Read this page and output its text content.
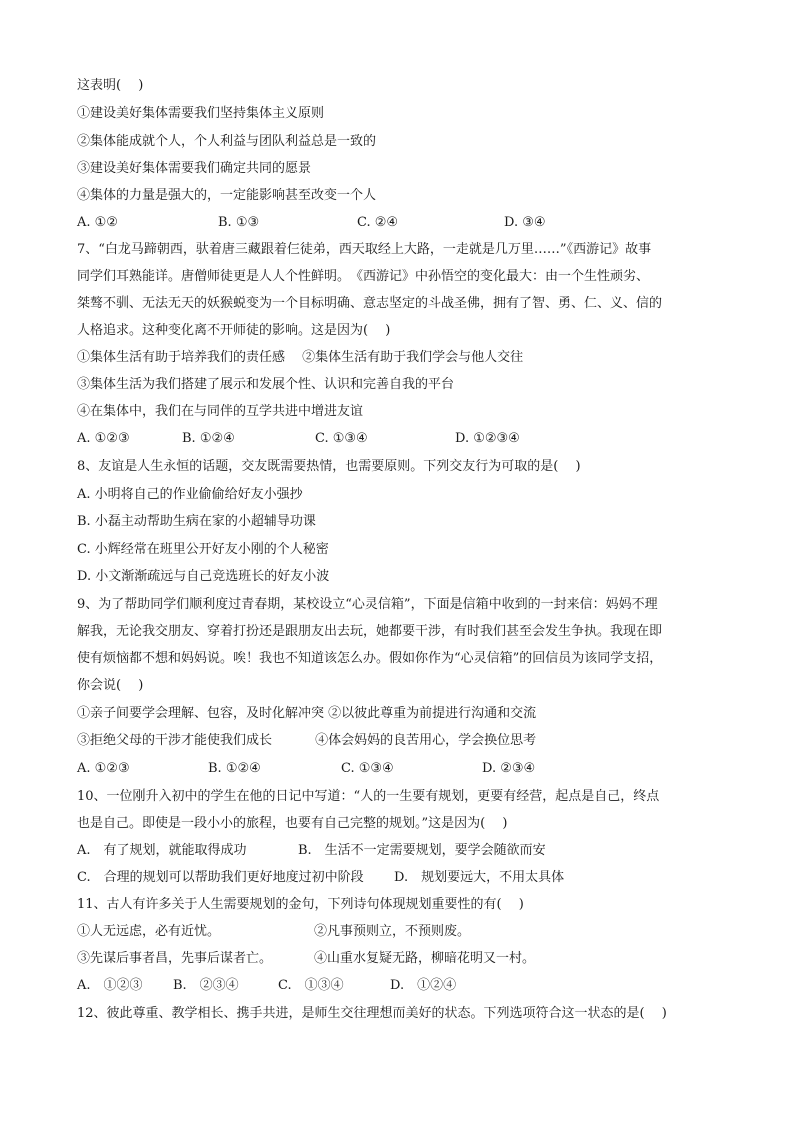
这表明(　 )
①建设美好集体需要我们坚持集体主义原则
②集体能成就个人，个人利益与团队利益总是一致的
③建设美好集体需要我们确定共同的愿景
④集体的力量是强大的，一定能影响甚至改变一个人
A. ①②	B. ①③	C. ②④	D. ③④
7、“白龙马蹄朝西，驮着唐三藏跟着仨徒弟，西天取经上大路，一走就是几万里……”《西游记》故事
同学们耳熟能详。唐僧师徒更是人人个性鲜明。　《西游记》中孙悟空的变化最大：由一个生性顽劣、
桀骜不驯、无法无天的妖猴蜕变为一个目标明确、意志坚定的斗战圣佛，拥有了智、勇、仁、义、信的
人格追求。这种变化离不开师徒的影响。这是因为(　 )
①集体生活有助于培养我们的责任感　 ②集体生活有助于我们学会与他人交往
③集体生活为我们搭建了展示和发展个性、认识和完善自我的平台
④在集体中，我们在与同伴的互学共进中增进友谊
A. ①②③	B. ①②④	C. ①③④	D. ①②③④
8、友谊是人生永恒的话题，交友既需要热情，也需要原则。下列交友行为可取的是(　 )
A. 小明将自己的作业偷偷给好友小强抄
B. 小磊主动帮助生病在家的小超辅导功课
C. 小辉经常在班里公开好友小刚的个人秘密
D. 小文渐渐疏远与自己竞选班长的好友小波
9、为了帮助同学们顺利度过青春期，某校设立“心灵信箱”，下面是信箱中收到的一封来信：妈妈不理
解我，无论我交朋友、穿着打扮还是跟朋友出去玩，她都要干涉，有时我们甚至会发生争执。我现在即
使有烦恼都不想和妈妈说。唉！我也不知道该怎么办。假如你作为“心灵信箱”的回信员为该同学支招，
你会说(　 )
①亲子间要学会理解、包容，及时化解冲突 ②以彼此尊重为前提进行沟通和交流
③拒绝父母的干涉才能使我们成长　　　 ④体会妈妈的良苦用心，学会换位思考
A. ①②③	B. ①②④	C. ①③④	D. ②③④
10、一位刚升入初中的学生在他的日记中写道：“人的一生要有规划，更要有经营，起点是自己，终点
也是自己。即使是一段小小的旅程，也要有自己完整的规划。”这是因为(　 )
A.　有了规划，就能取得成功	B.　生活不一定需要规划，要学会随欲而安
C.　合理的规划可以帮助我们更好地度过初中阶段 D.　规划要远大，不用太具体
11、古人有许多关于人生需要规划的金句，下列诗句体现规划重要性的有(　 )
①人无远虑，必有近忧。	②凡事预则立，不预则废。
③先谋后事者昌，先事后谋者亡。	④山重水复疑无路，柳暗花明又一村。
A.　①②③ B.　②③④	C.　①③④	D.　①②④
12、彼此尊重、教学相长、携手共进，是师生交往理想而美好的状态。下列选项符合这一状态的是(　 )
